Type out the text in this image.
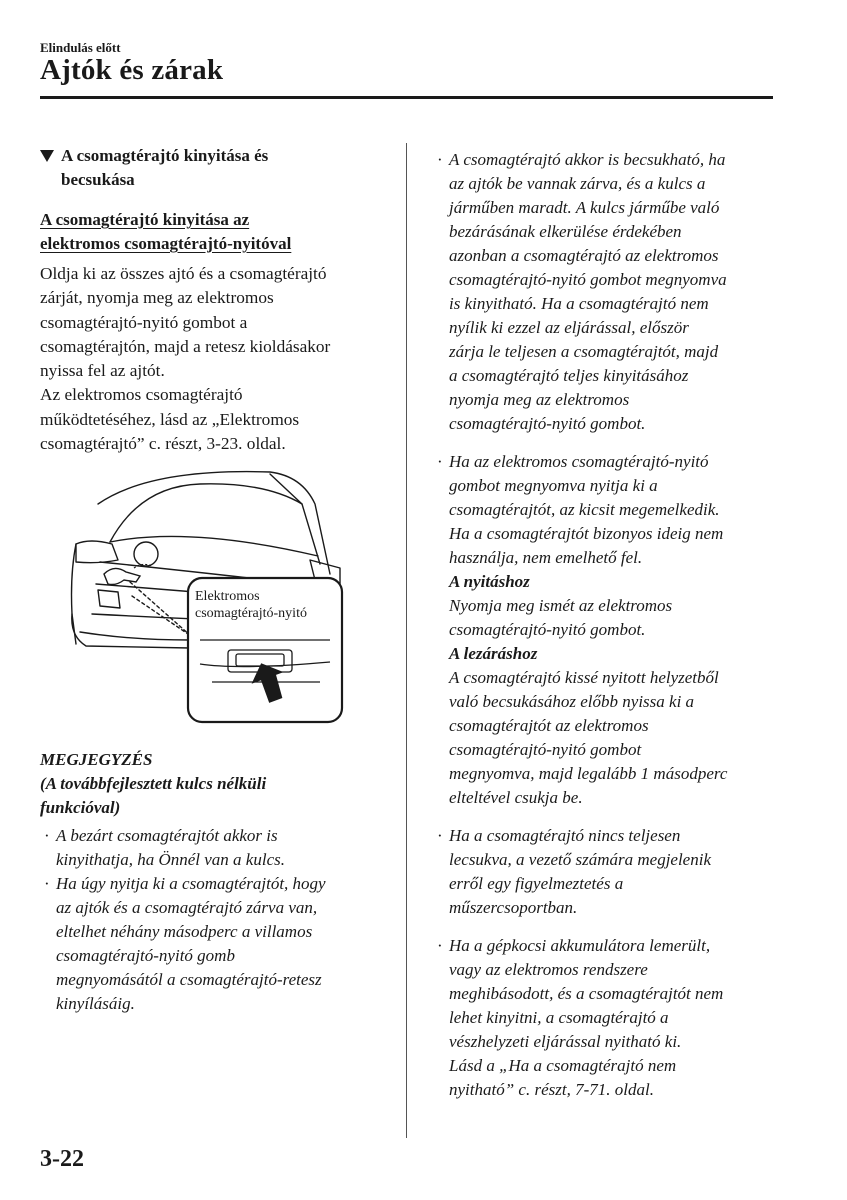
Elindulás előtt
Ajtók és zárak
A csomagtérajtó kinyitása és
becsukása
A csomagtérajtó kinyitása az
elektromos csomagtérajtó-nyitóval

Oldja ki az összes ajtó és a csomagtérajtó
zárját, nyomja meg az elektromos
csomagtérajtó-nyitó gombot a
csomagtérajtón, majd a retesz kioldásakor
nyissa fel az ajtót.

Az elektromos csomagtérajtó
működtetéséhez, lásd az „Elektromos
csomagtérajtó” c. részt, 3-23. oldal.

Elektromos
csomagtérajtó-nyitó
MEGJEGYZÉS
(A továbbfejlesztett kulcs nélküli
funkcióval)
· A bezárt csomagtérajtót akkor is
kinyithatja, ha Önnél van a kulcs.
· Ha úgy nyitja ki a csomagtérajtót, hogy
az ajtók és a csomagtérajtó zárva van,
eltelhet néhány másodperc a villamos
csomagtérajtó-nyitó gomb
megnyomásától a csomagtérajtó-retesz
kinyílásáig.
· A csomagtérajtó akkor is becsukható, ha
az ajtók be vannak zárva, és a kulcs a
járműben maradt. A kulcs járműbe való
bezárásának elkerülése érdekében
azonban a csomagtérajtó az elektromos
csomagtérajtó-nyitó gombot megnyomva
is kinyitható. Ha a csomagtérajtó nem
nyílik ki ezzel az eljárással, először
zárja le teljesen a csomagtérajtót, majd
a csomagtérajtó teljes kinyitásához
nyomja meg az elektromos
csomagtérajtó-nyitó gombot.
· Ha az elektromos csomagtérajtó-nyitó
gombot megnyomva nyitja ki a
csomagtérajtót, az kicsit megemelkedik.
Ha a csomagtérajtót bizonyos ideig nem
használja, nem emelhető fel.
A nyitáshoz
Nyomja meg ismét az elektromos
csomagtérajtó-nyitó gombot.
A lezáráshoz
A csomagtérajtó kissé nyitott helyzetből
való becsukásához előbb nyissa ki a
csomagtérajtót az elektromos
csomagtérajtó-nyitó gombot
megnyomva, majd legalább 1 másodperc
elteltével csukja be.
· Ha a csomagtérajtó nincs teljesen
lecsukva, a vezető számára megjelenik
erről egy figyelmeztetés a
műszercsoportban.
· Ha a gépkocsi akkumulátora lemerült,
vagy az elektromos rendszere
meghibásodott, és a csomagtérajtót nem
lehet kinyitni, a csomagtérajtó a
vészhelyzeti eljárással nyitható ki.
Lásd a „Ha a csomagtérajtó nem
nyitható” c. részt, 7-71. oldal.
3-22
